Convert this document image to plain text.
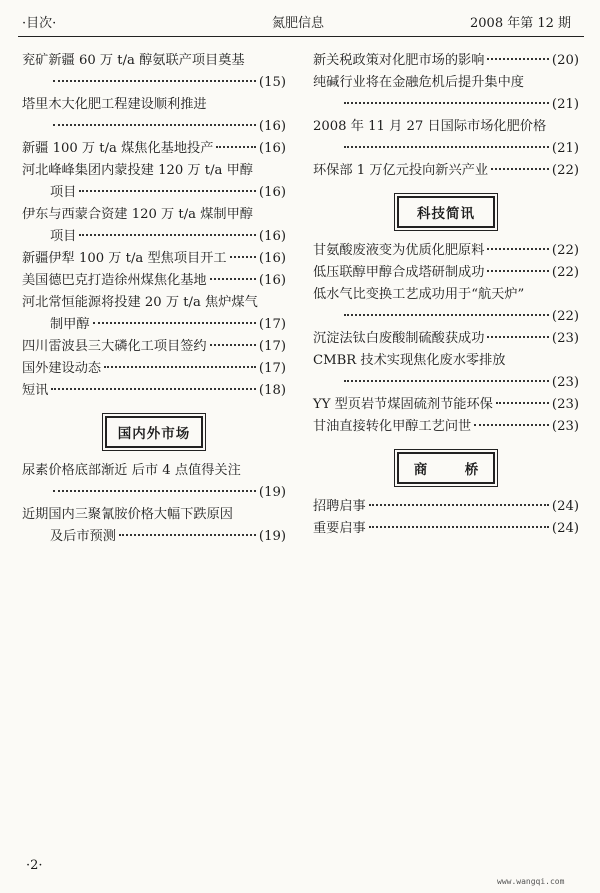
·目次·	氮肥信息	2008 年第 12 期
兖矿新疆 60 万 t/a 醇氨联产项目奠基
(15)
塔里木大化肥工程建设顺利推进
(16)
新疆 100 万 t/a 煤焦化基地投产	(16)
河北峰峰集团内蒙投建 120 万 t/a 甲醇
项目	(16)
伊东与西蒙合资建 120 万 t/a 煤制甲醇
项目	(16)
新疆伊犁 100 万 t/a 型焦项目开工 (16)
美国德巴克打造徐州煤焦化基地	(16)
河北常恒能源将投建 20 万 t/a 焦炉煤气
制甲醇	(17)
四川雷波县三大磷化工项目签约	(17)
国外建设动态	(17)
短讯	(18)
国内外市场
尿素价格底部渐近 后市 4 点值得关注
(19)
近期国内三聚氰胺价格大幅下跌原因
及后市预测	(19)
新关税政策对化肥市场的影响	(20)
纯碱行业将在金融危机后提升集中度
(21)
2008 年 11 月 27 日国际市场化肥价格
(21)
环保部 1 万亿元投向新兴产业	(22)
科技简讯
甘氨酸废液变为优质化肥原料	(22)
低压联醇甲醇合成塔研制成功	(22)
低水气比变换工艺成功用于“航天炉”
(22)
沉淀法钛白废酸制硫酸获成功	(23)
CMBR 技术实现焦化废水零排放
(23)
YY 型页岩节煤固硫剂节能环保	(23)
甘油直接转化甲醇工艺问世	(23)
商　桥
招聘启事	(24)
重要启事	(24)
·2·
www.wangqi.com
